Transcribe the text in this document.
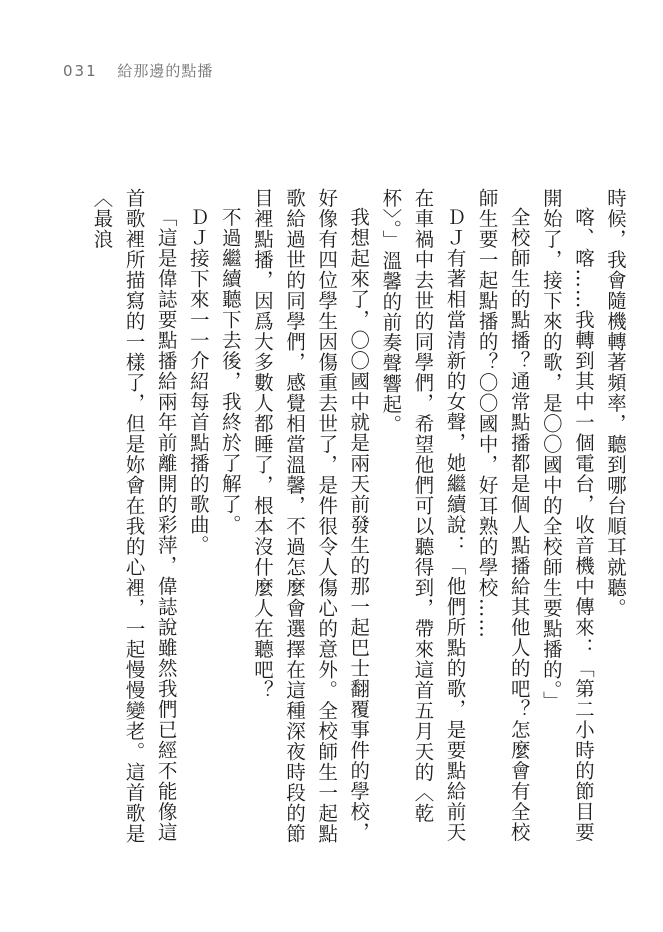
031 給那邊的點播

時候，我會隨機轉著頻率，聽到哪台順耳就聽。

喀、喀……我轉到其中一個電台，收音機中傳來：「第二小時的節目要開始了，接下來的歌，是〇〇國中的全校師生要點播的。」

全校師生的點播？通常點播都是個人點播給其他人的吧？怎麼會有全校師生要一起點播的？〇〇國中，好耳熟的學校……

ＤＪ有著相當清新的女聲，她繼續說：「他們所點的歌，是要點給前天在車禍中去世的同學們，希望他們可以聽得到，帶來這首五月天的〈乾杯〉。」溫馨的前奏聲響起。

我想起來了，〇〇國中就是兩天前發生的那一起巴士翻覆事件的學校，好像有四位學生因傷重去世了，是件很令人傷心的意外。全校師生一起點歌給過世的同學們，感覺相當溫馨，不過怎麼會選擇在這種深夜時段的節目裡點播，因爲大多數人都睡了，根本沒什麼人在聽吧？

不過繼續聽下去後，我終於了解了。

ＤＪ接下來一一介紹每首點播的歌曲。

「這是偉誌要點播給兩年前離開的彩萍，偉誌說雖然我們已經不能像這首歌裡所描寫的一樣了，但是妳會在我的心裡，一起慢慢變老。這首歌是〈最浪
